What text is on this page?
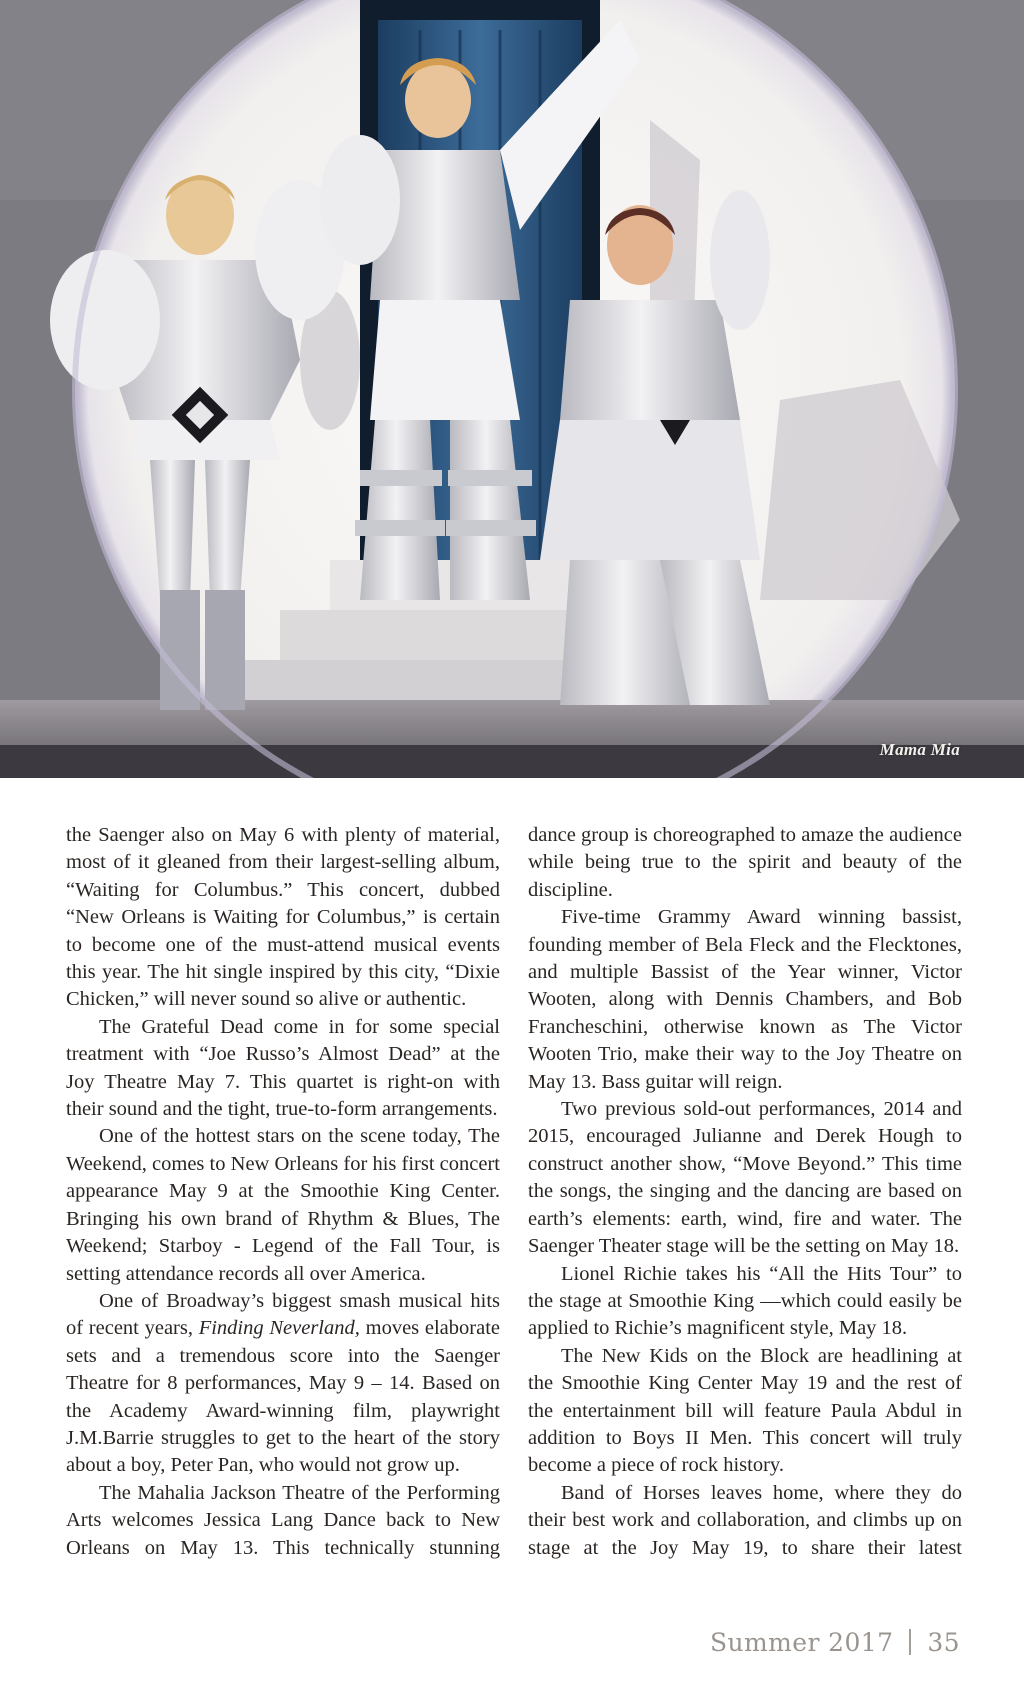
Mama Mia

the Saenger also on May 6 with plenty of material, most of it gleaned from their largest-selling album, “Waiting for Columbus.” This concert, dubbed “New Orleans is Waiting for Columbus,” is certain to become one of the must-attend musical events this year. The hit single inspired by this city, “Dixie Chicken,” will never sound so alive or authentic.

The Grateful Dead come in for some special treatment with “Joe Russo’s Almost Dead” at the Joy Theatre May 7. This quartet is right-on with their sound and the tight, true-to-form arrangements.

One of the hottest stars on the scene today, The Weekend, comes to New Orleans for his first concert appearance May 9 at the Smoothie King Center. Bringing his own brand of Rhythm & Blues, The Weekend; Starboy - Legend of the Fall Tour, is setting attendance records all over America.

One of Broadway’s biggest smash musical hits of recent years, Finding Neverland, moves elaborate sets and a tremendous score into the Saenger Theatre for 8 performances, May 9 – 14. Based on the Academy Award-winning film, playwright J.M.Barrie struggles to get to the heart of the story about a boy, Peter Pan, who would not grow up.

The Mahalia Jackson Theatre of the Performing Arts welcomes Jessica Lang Dance back to New Orleans on May 13. This technically stunning

dance group is choreographed to amaze the audience while being true to the spirit and beauty of the discipline.

Five-time Grammy Award winning bassist, founding member of Bela Fleck and the Flecktones, and multiple Bassist of the Year winner, Victor Wooten, along with Dennis Chambers, and Bob Francheschini, otherwise known as The Victor Wooten Trio, make their way to the Joy Theatre on May 13. Bass guitar will reign.

Two previous sold-out performances, 2014 and 2015, encouraged Julianne and Derek Hough to construct another show, “Move Beyond.” This time the songs, the singing and the dancing are based on earth’s elements: earth, wind, fire and water. The Saenger Theater stage will be the setting on May 18.

Lionel Richie takes his “All the Hits Tour” to the stage at Smoothie King —which could easily be applied to Richie’s magnificent style, May 18.

The New Kids on the Block are headlining at the Smoothie King Center May 19 and the rest of the entertainment bill will feature Paula Abdul in addition to Boys II Men. This concert will truly become a piece of rock history.

Band of Horses leaves home, where they do their best work and collaboration, and climbs up on stage at the Joy May 19, to share their latest

Summer 2017 35
